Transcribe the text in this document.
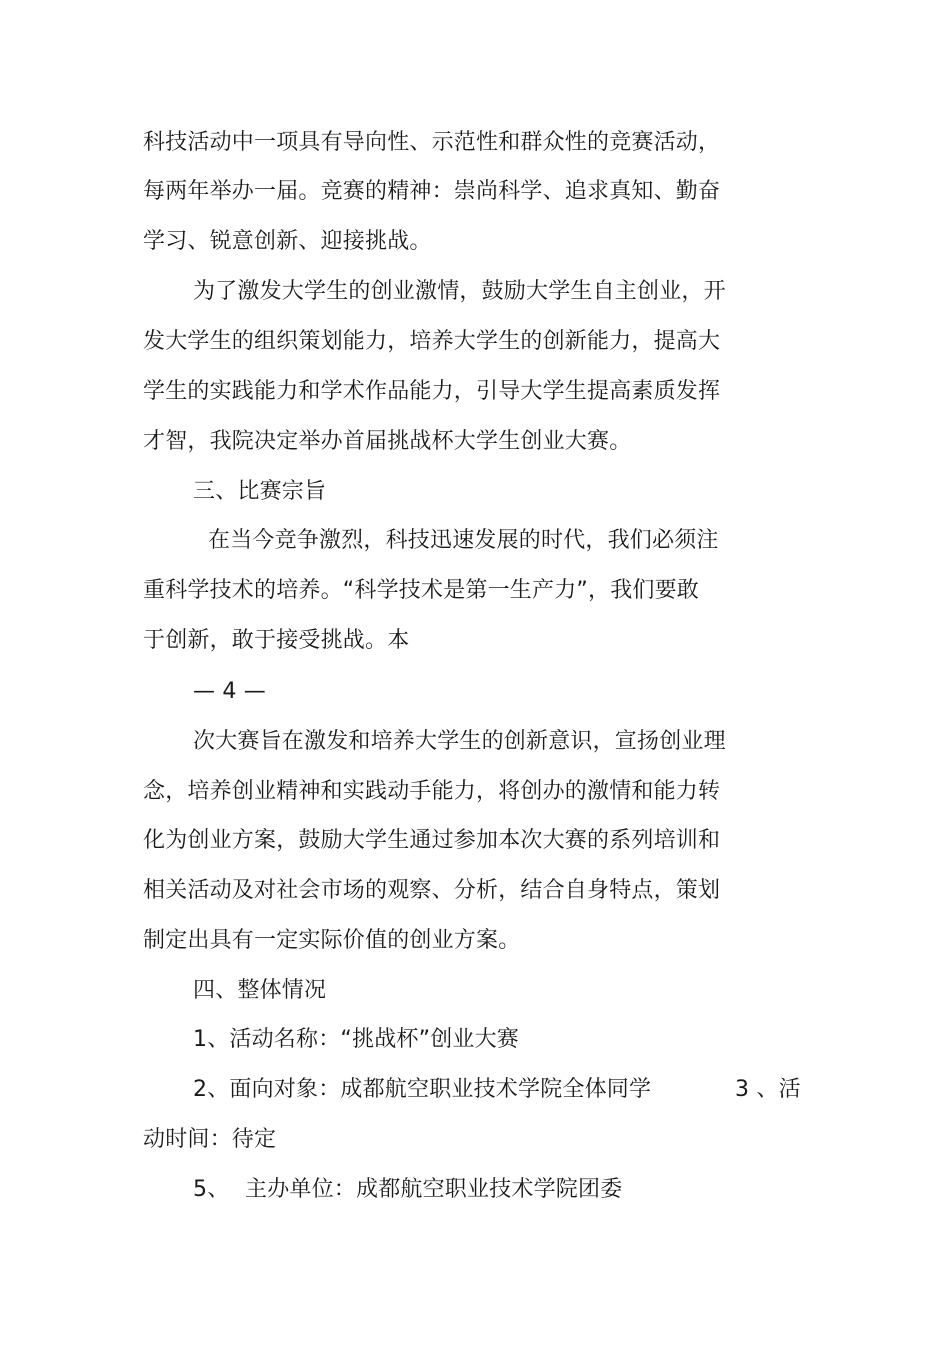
科技活动中一项具有导向性、示范性和群众性的竞赛活动，
每两年举办一届。竞赛的精神：崇尚科学、追求真知、勤奋
学习、锐意创新、迎接挑战。
为了激发大学生的创业激情，鼓励大学生自主创业，开
发大学生的组织策划能力，培养大学生的创新能力，提高大
学生的实践能力和学术作品能力，引导大学生提高素质发挥
才智，我院决定举办首届挑战杯大学生创业大赛。
三、比赛宗旨
在当今竞争激烈，科技迅速发展的时代，我们必须注
重科学技术的培养。“科学技术是第一生产力”，我们要敢
于创新，敢于接受挑战。本
— 4 —
次大赛旨在激发和培养大学生的创新意识，宣扬创业理
念，培养创业精神和实践动手能力，将创办的激情和能力转
化为创业方案，鼓励大学生通过参加本次大赛的系列培训和
相关活动及对社会市场的观察、分析，结合自身特点，策划
制定出具有一定实际价值的创业方案。
四、整体情况
1、活动名称：“挑战杯”创业大赛
2、面向对象：成都航空职业技术学院全体同学	3 、活
动时间：待定
5、 主办单位：成都航空职业技术学院团委
